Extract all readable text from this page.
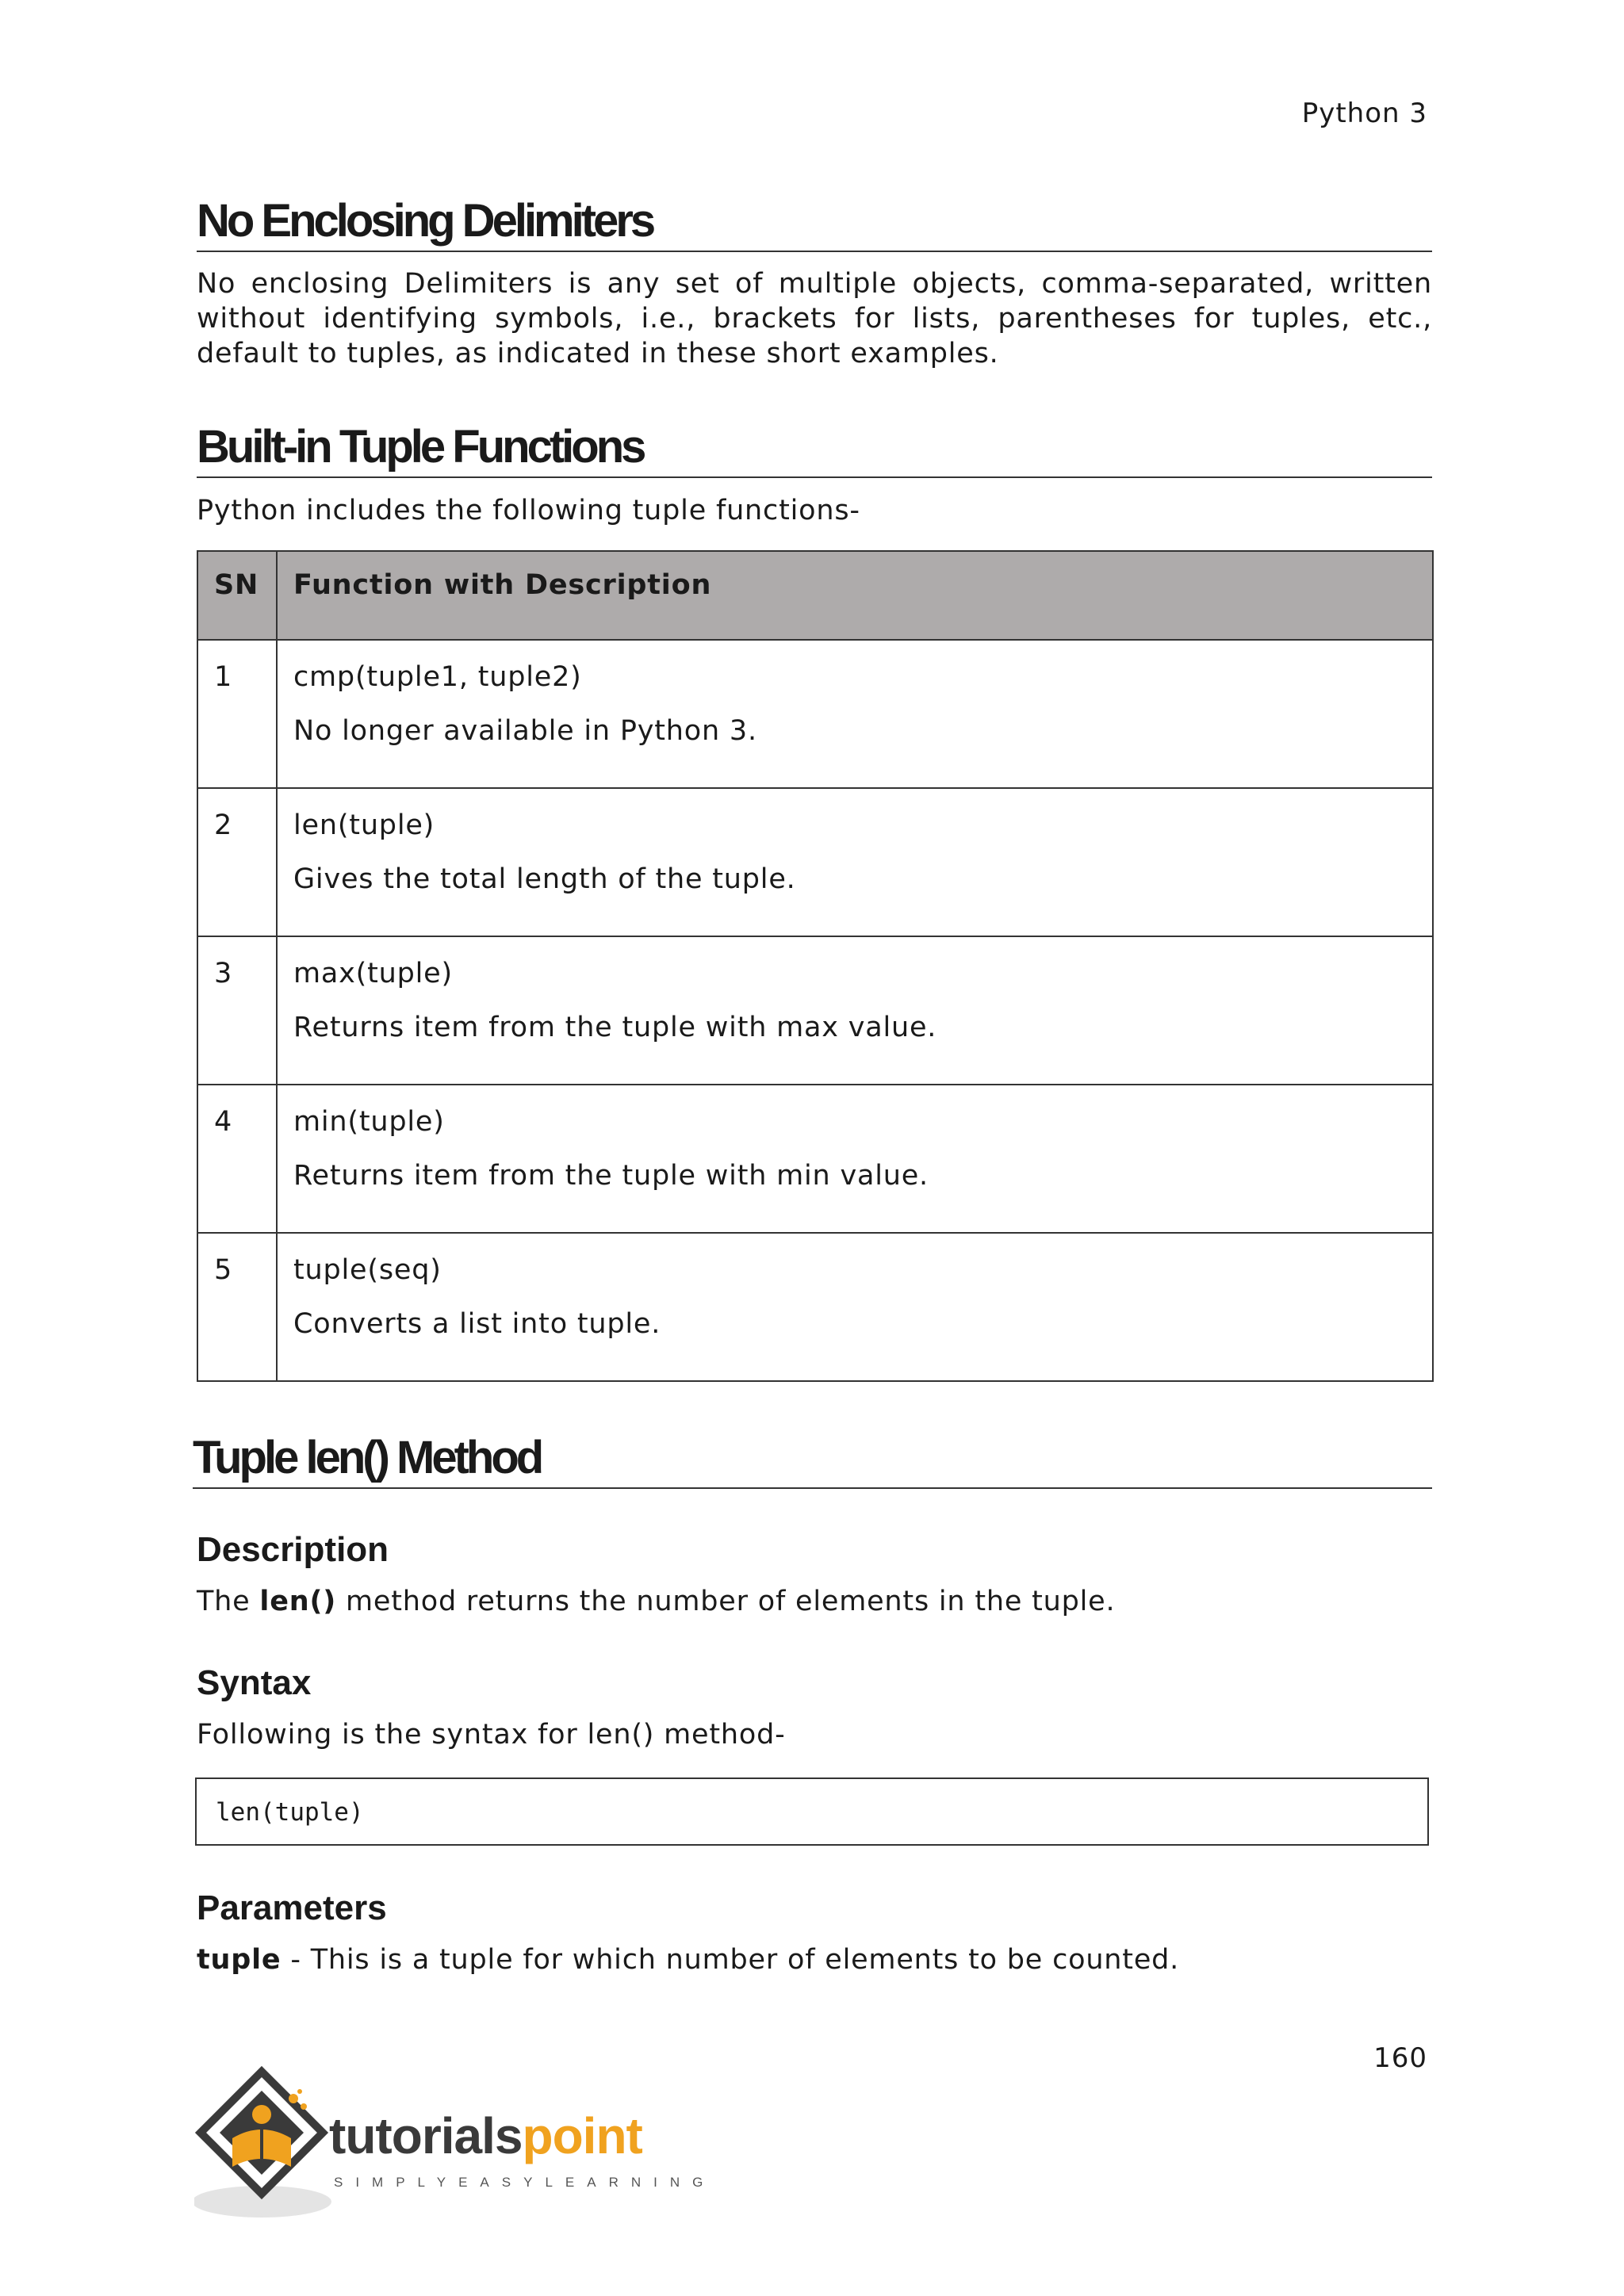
Python 3
No Enclosing Delimiters
No enclosing Delimiters is any set of multiple objects, comma-separated, written without identifying symbols, i.e., brackets for lists, parentheses for tuples, etc., default to tuples, as indicated in these short examples.
Built-in Tuple Functions
Python includes the following tuple functions-
SN	Function with Description
1	cmp(tuple1, tuple2)
No longer available in Python 3.
2	len(tuple)
Gives the total length of the tuple.
3	max(tuple)
Returns item from the tuple with max value.
4	min(tuple)
Returns item from the tuple with min value.
5	tuple(seq)
Converts a list into tuple.
Tuple len() Method
Description
The len() method returns the number of elements in the tuple.
Syntax
Following is the syntax for len() method-
len(tuple)
Parameters
tuple - This is a tuple for which number of elements to be counted.
160
tutorialspoint
SIMPLYEASYLEARNING
